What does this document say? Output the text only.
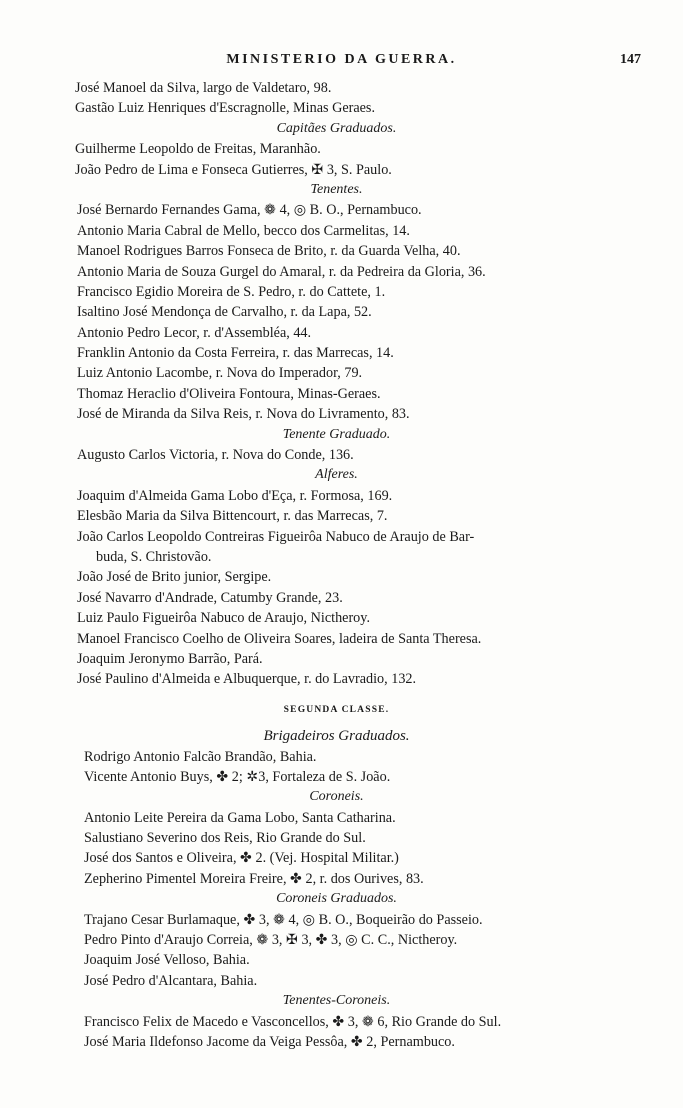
MINISTERIO DA GUERRA.	147
José Manoel da Silva, largo de Valdetaro, 98.
Gastão Luiz Henriques d'Escragnolle, Minas Geraes.
Capitães Graduados.
Guilherme Leopoldo de Freitas, Maranhão.
João Pedro de Lima e Fonseca Gutierres, ✠ 3, S. Paulo.
Tenentes.
José Bernardo Fernandes Gama, ❁ 4, ◎ B. O., Pernambuco.
Antonio Maria Cabral de Mello, becco dos Carmelitas, 14.
Manoel Rodrigues Barros Fonseca de Brito, r. da Guarda Velha, 40.
Antonio Maria de Souza Gurgel do Amaral, r. da Pedreira da Gloria, 36.
Francisco Egidio Moreira de S. Pedro, r. do Cattete, 1.
Isaltino José Mendonça de Carvalho, r. da Lapa, 52.
Antonio Pedro Lecor, r. d'Assembléa, 44.
Franklin Antonio da Costa Ferreira, r. das Marrecas, 14.
Luiz Antonio Lacombe, r. Nova do Imperador, 79.
Thomaz Heraclio d'Oliveira Fontoura, Minas-Geraes.
José de Miranda da Silva Reis, r. Nova do Livramento, 83.
Tenente Graduado.
Augusto Carlos Victoria, r. Nova do Conde, 136.
Alferes.
Joaquim d'Almeida Gama Lobo d'Eça, r. Formosa, 169.
Elesbão Maria da Silva Bittencourt, r. das Marrecas, 7.
João Carlos Leopoldo Contreiras Figueirôa Nabuco de Araujo de Bar-
buda, S. Christovão.
João José de Brito junior, Sergipe.
José Navarro d'Andrade, Catumby Grande, 23.
Luiz Paulo Figueirôa Nabuco de Araujo, Nictheroy.
Manoel Francisco Coelho de Oliveira Soares, ladeira de Santa Theresa.
Joaquim Jeronymo Barrão, Pará.
José Paulino d'Almeida e Albuquerque, r. do Lavradio, 132.
SEGUNDA CLASSE.
Brigadeiros Graduados.
Rodrigo Antonio Falcão Brandão, Bahia.
Vicente Antonio Buys, ✤ 2; ✲3, Fortaleza de S. João.
Coroneis.
Antonio Leite Pereira da Gama Lobo, Santa Catharina.
Salustiano Severino dos Reis, Rio Grande do Sul.
José dos Santos e Oliveira, ✤ 2. (Vej. Hospital Militar.)
Zepherino Pimentel Moreira Freire, ✤ 2, r. dos Ourives, 83.
Coroneis Graduados.
Trajano Cesar Burlamaque, ✤ 3, ❁ 4, ◎ B. O., Boqueirão do Passeio.
Pedro Pinto d'Araujo Correia, ❁ 3, ✠ 3, ✤ 3, ◎ C. C., Nictheroy.
Joaquim José Velloso, Bahia.
José Pedro d'Alcantara, Bahia.
Tenentes-Coroneis.
Francisco Felix de Macedo e Vasconcellos, ✤ 3, ❁ 6, Rio Grande do Sul.
José Maria Ildefonso Jacome da Veiga Pessôa, ✤ 2, Pernambuco.
